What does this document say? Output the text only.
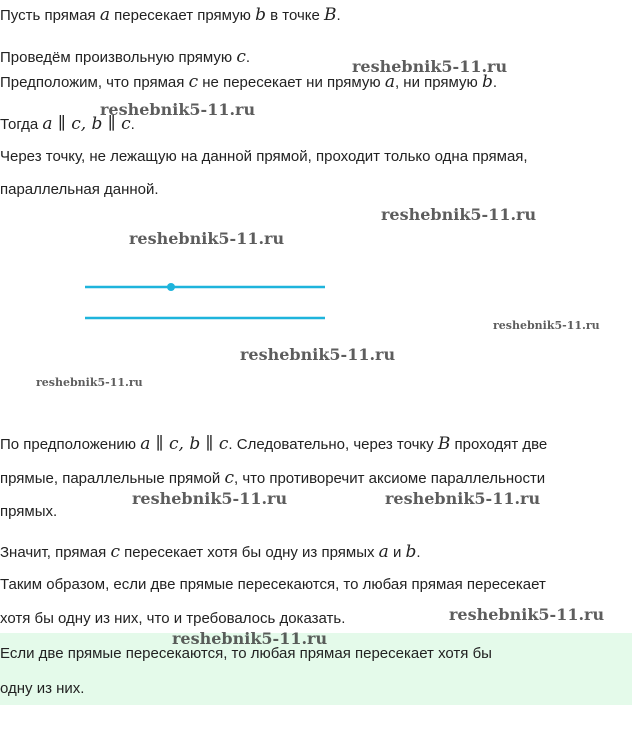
Пусть прямая a пересекает прямую b в точке B.
Проведём произвольную прямую c.
Предположим, что прямая c не пересекает ни прямую a, ни прямую b.
Тогда a ∥ c, b ∥ c.
Через точку, не лежащую на данной прямой, проходит только одна прямая,
параллельная данной.
По предположению a ∥ c, b ∥ c. Следовательно, через точку B проходят две
прямые, параллельные прямой c, что противоречит аксиоме параллельности
прямых.
Значит, прямая c пересекает хотя бы одну из прямых a и b.
Таким образом, если две прямые пересекаются, то любая прямая пересекает
хотя бы одну из них, что и требовалось доказать.
Если две прямые пересекаются, то любая прямая пересекает хотя бы
одну из них.
reshebnik5-11.ru
reshebnik5-11.ru
reshebnik5-11.ru
reshebnik5-11.ru
reshebnik5-11.ru
reshebnik5-11.ru
reshebnik5-11.ru
reshebnik5-11.ru	reshebnik5-11.ru
reshebnik5-11.ru
reshebnik5-11.ru
